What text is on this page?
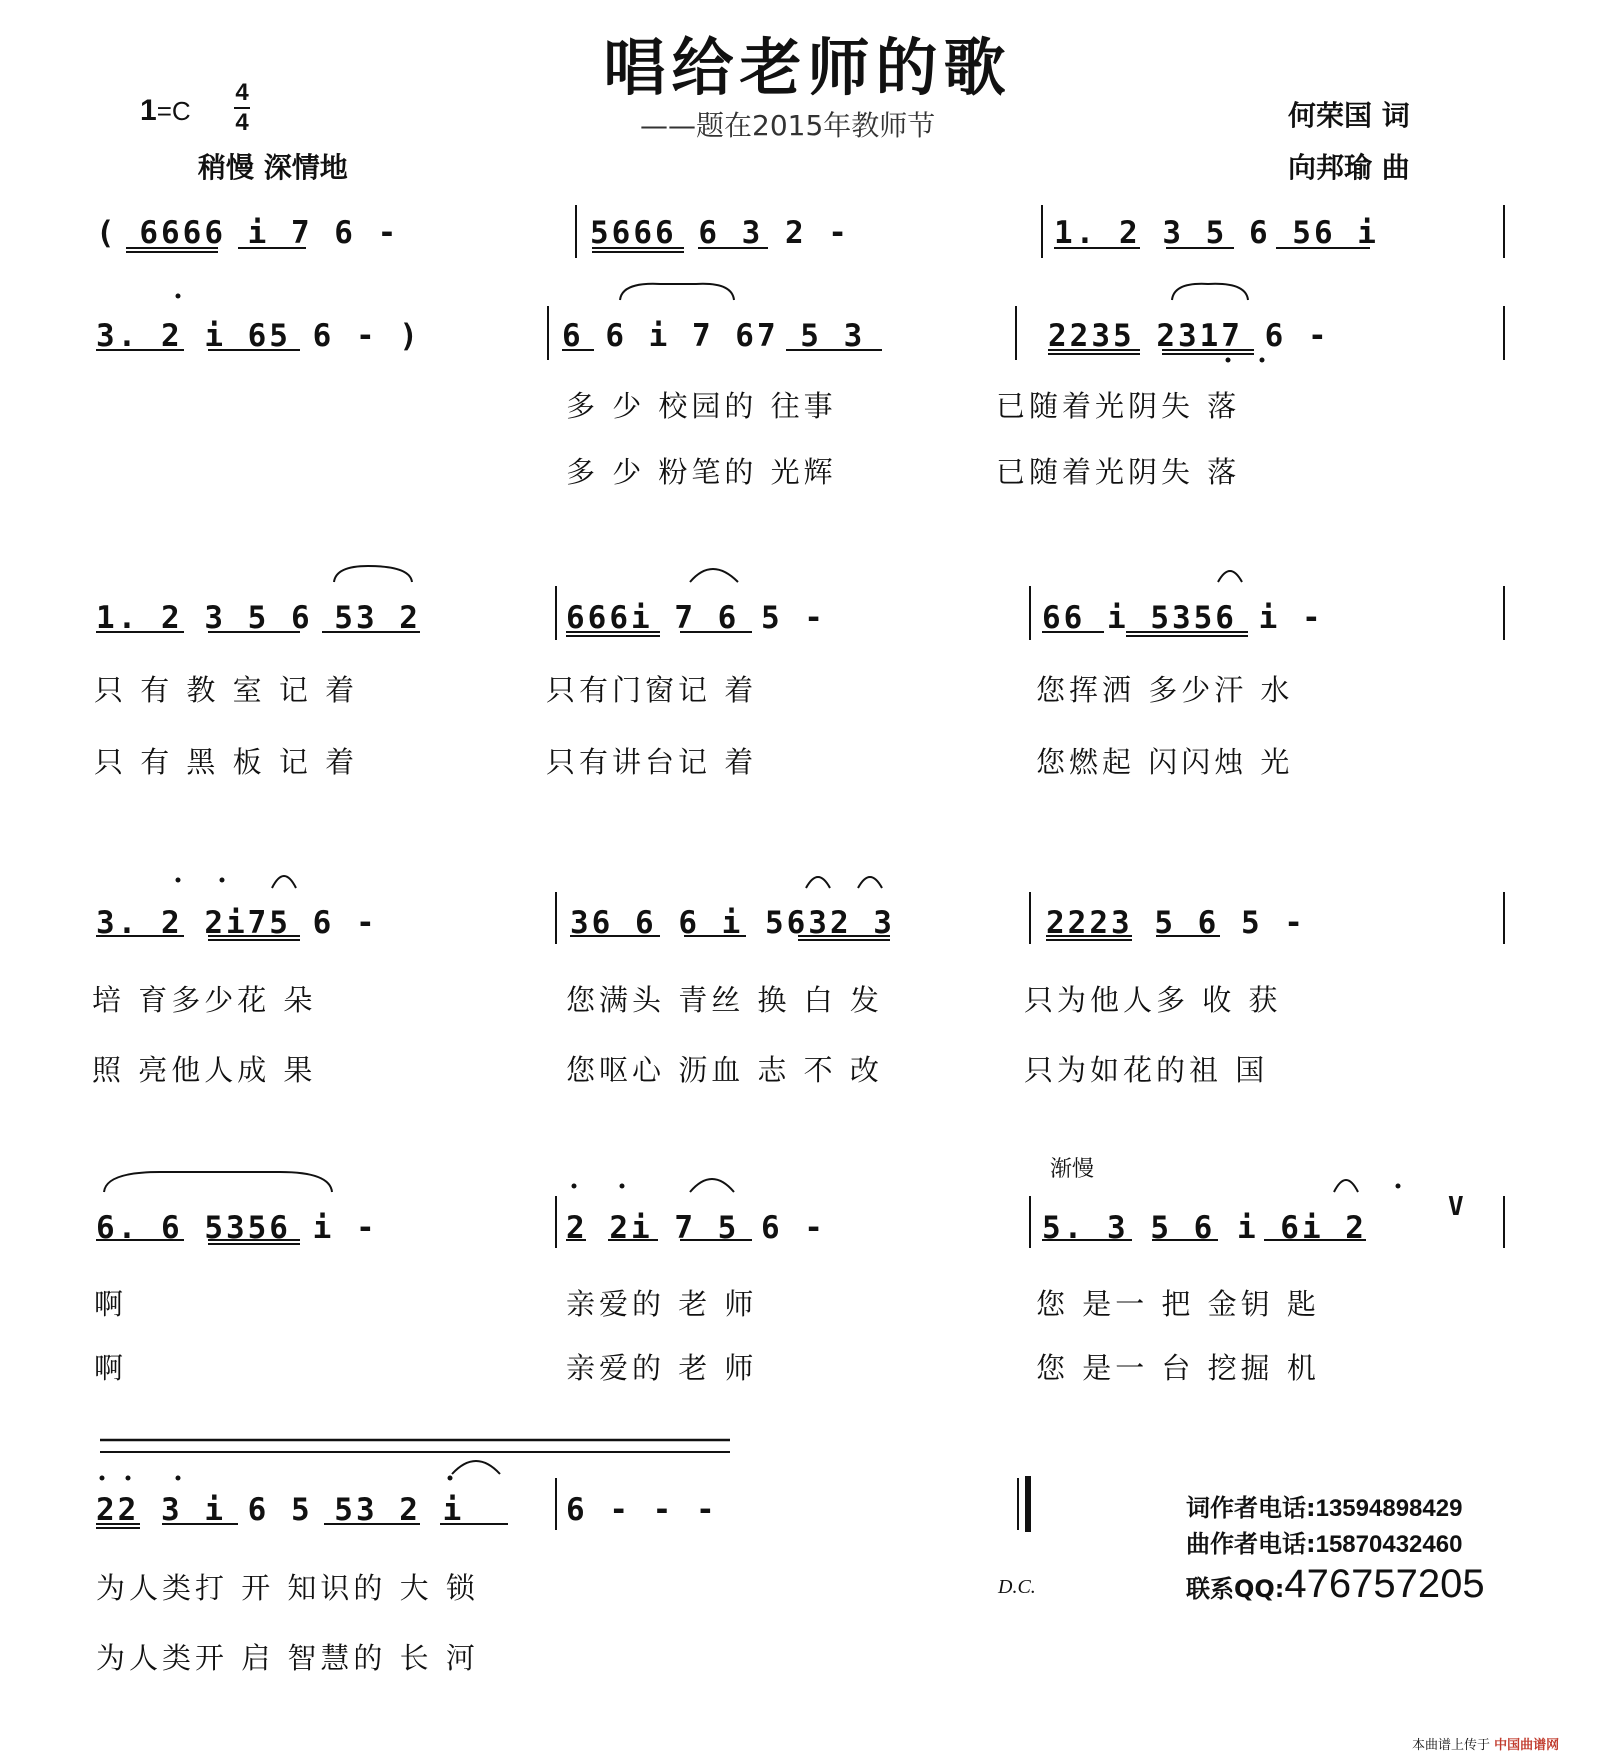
唱给老师的歌
——题在2015年教师节
1=C
4
4
稍慢 深情地
何荣国 词
向邦瑜 曲
( 6666 i 7 6 -	5666 6 3 2 -	1. 2 3 5 6 56 i
3. 2 i 65 6 - )	6 6 i 7 67 5 3	2235 2317 6 -
多 少 校园的 往事	已随着光阴失 落
多 少 粉笔的 光辉	已随着光阴失 落
1. 2 3 5 6 53 2	666i 7 6 5 -	66 i 5356 i -
只 有 教 室 记 着	只有门窗记 着	您挥洒 多少汗 水
只 有 黑 板 记 着	只有讲台记 着	您燃起 闪闪烛 光
3. 2 2i75 6 -	36 6 6 i 5632 3	2223 5 6 5 -
培 育多少花 朵	您满头 青丝 换 白 发	只为他人多 收 获
照 亮他人成 果	您呕心 沥血 志 不 改	只为如花的祖 国
渐慢
6. 6 5356 i -	2 2i 7 5 6 -	5. 3 5 6 i 6i 2
V
啊	亲爱的 老 师	您 是一 把 金钥 匙
啊	亲爱的 老 师	您 是一 台 挖掘 机
22 3 i 6 5 53 2 i	6 - - -
为人类打 开 知识的 大 锁
为人类开 启 智慧的 长 河
D.C.
词作者电话:13594898429
曲作者电话:15870432460
联系QQ:476757205
本曲谱上传于 中国曲谱网
